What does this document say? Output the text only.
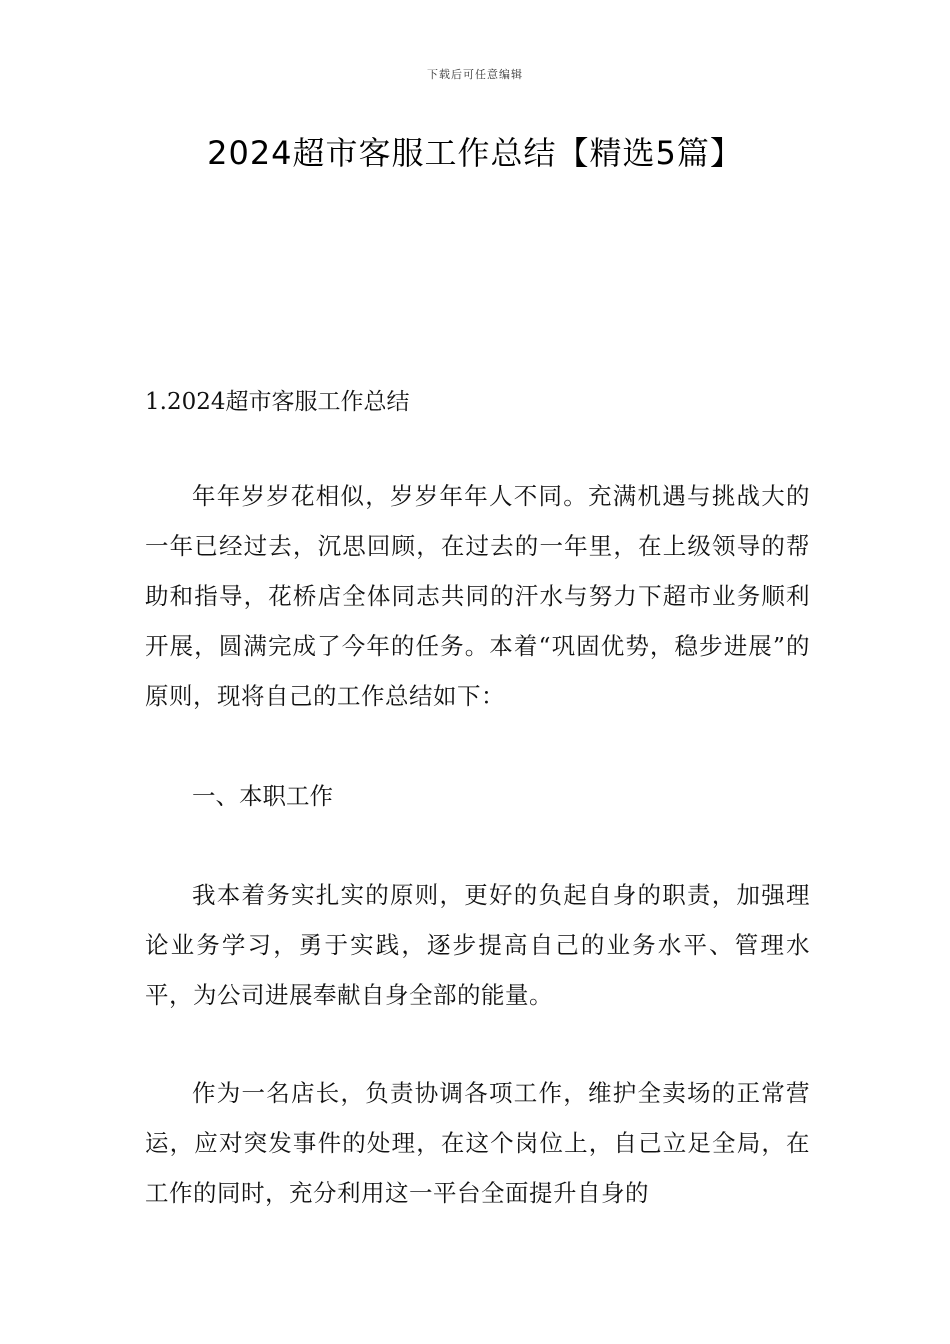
下载后可任意编辑
2024超市客服工作总结【精选5篇】
1.2024超市客服工作总结

年年岁岁花相似，岁岁年年人不同。充满机遇与挑战大的一年已经过去，沉思回顾，在过去的一年里，在上级领导的帮助和指导，花桥店全体同志共同的汗水与努力下超市业务顺利开展，圆满完成了今年的任务。本着“巩固优势，稳步进展”的原则，现将自己的工作总结如下：

一、本职工作

我本着务实扎实的原则，更好的负起自身的职责，加强理论业务学习，勇于实践，逐步提高自己的业务水平、管理水平，为公司进展奉献自身全部的能量。

作为一名店长，负责协调各项工作，维护全卖场的正常营运，应对突发事件的处理，在这个岗位上，自己立足全局，在工作的同时，充分利用这一平台全面提升自身的
